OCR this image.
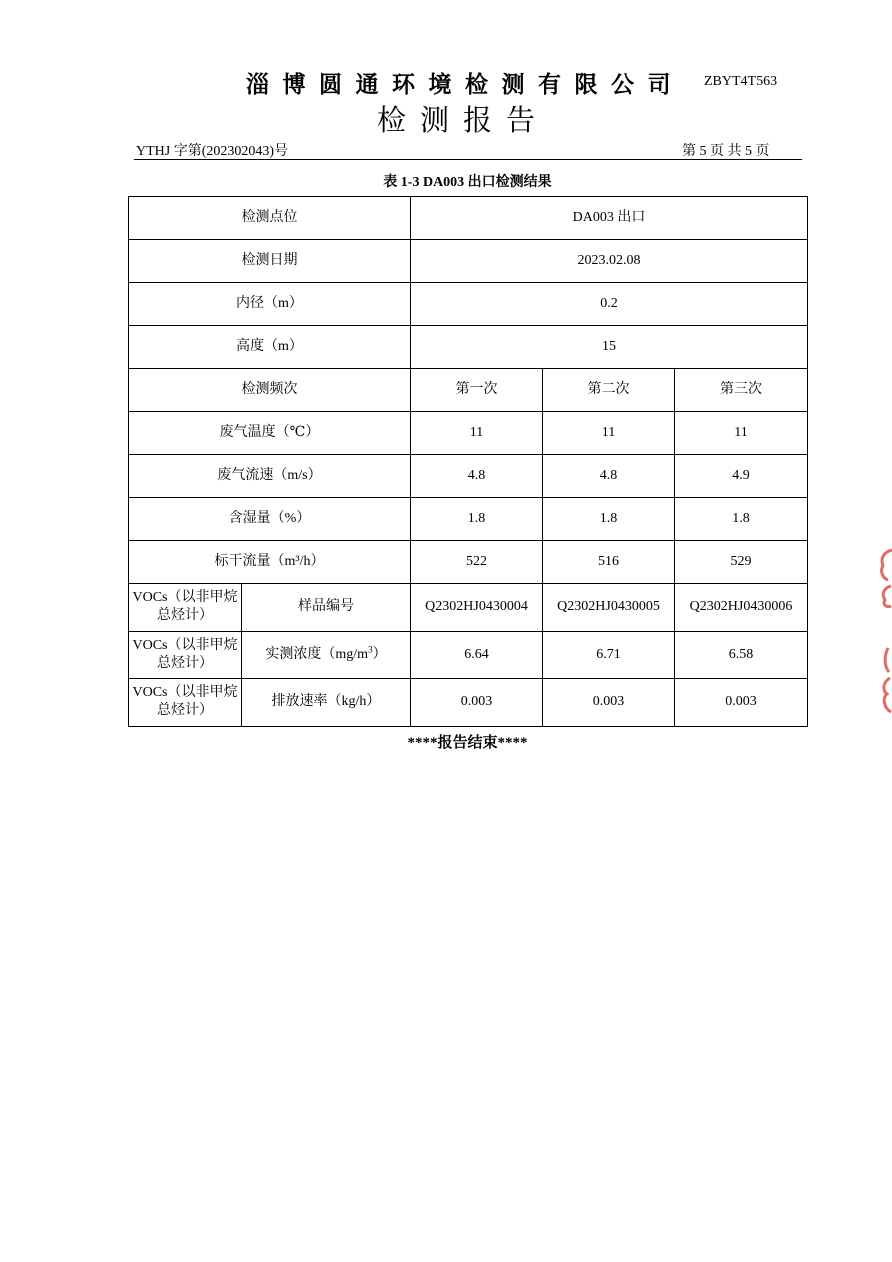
淄博圆通环境检测有限公司 ZBYT4T563
检测报告
YTHJ 字第(202302043)号	第 5 页 共 5 页
表 1-3 DA003 出口检测结果
检测点位		DA003 出口		
检测日期		2023.02.08		
内径（m）		0.2		
高度（m）		15		
检测频次		第一次	第二次	第三次
废气温度（℃）		11	11	11
废气流速（m/s）		4.8	4.8	4.9
含湿量（%）		1.8	1.8	1.8
标干流量（m³/h）		522	516	529
VOCs（以非甲烷总烃计）	样品编号	Q2302HJ0430004	Q2302HJ0430005	Q2302HJ0430006
VOCs（以非甲烷总烃计）	实测浓度$(mg/m^3)$	6.64	6.71	6.58
VOCs（以非甲烷总烃计）	排放速率（kg/h）	0.003	0.003	0.003
****报告结束****
